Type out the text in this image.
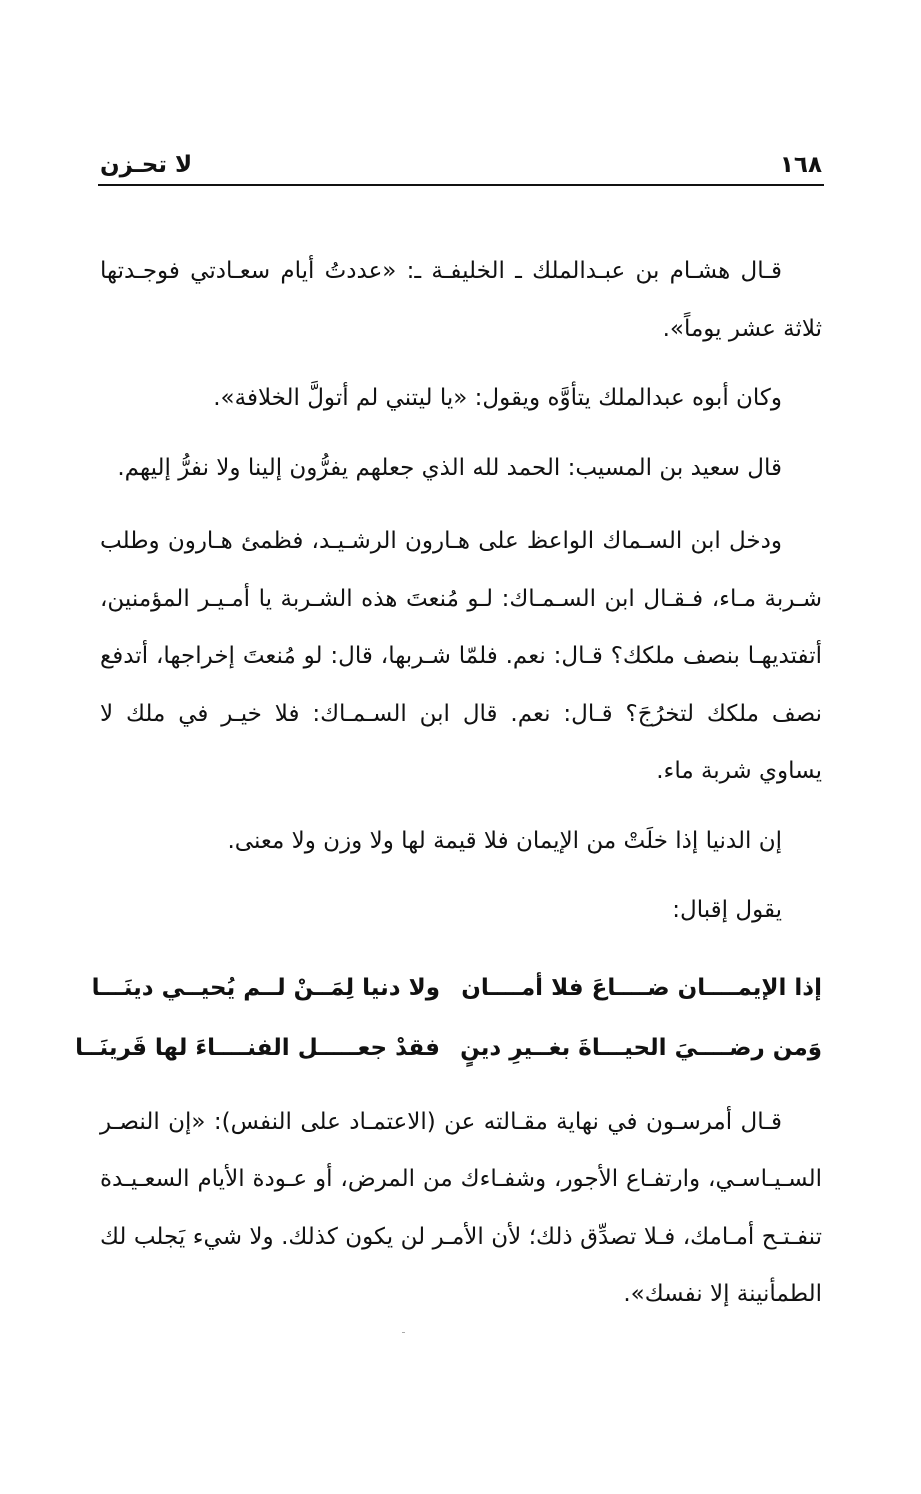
١٦٨
لا تحـزن

قـال هشـام بن عبـدالملك ـ الخليفـة ـ: «عددتُ أيام سعـادتي فوجـدتها ثلاثة عشر يوماً».

وكان أبوه عبدالملك يتأوَّه ويقول: «يا ليتني لم أتولَّ الخلافة».

قال سعيد بن المسيب: الحمد لله الذي جعلهم يفرُّون إلينا ولا نفرُّ إليهم.

ودخل ابن السـماك الواعظ على هـارون الرشـيـد، فظمئ هـارون وطلب شـربة مـاء، فـقـال ابن السـمـاك: لـو مُنعتَ هذه الشـربة يا أمـيـر المؤمنين، أتفتديهـا بنصف ملكك؟ قـال: نعم. فلمّا شـربها، قال: لو مُنعتَ إخراجها، أتدفع نصف ملكك لتخرُجَ؟ قـال: نعم. قال ابن السـمـاك: فلا خيـر في ملك لا يساوي شربة ماء.

إن الدنيا إذا خلَتْ من الإيمان فلا قيمة لها ولا وزن ولا معنى.

يقول إقبال:

إذا الإيمــــان ضــــاعَ فلا أمــــان
ولا دنيا لِمَــنْ لــم يُحيــي دينَـــا
وَمن رضــــيَ الحيـــاةَ بغــيرِ دينٍ
فقدْ جعـــــل الفنــــاءَ لها قَرينَــا

قـال أمرسـون في نهاية مقـالته عن (الاعتمـاد على النفس): «إن النصـر السـيـاسـي، وارتفـاع الأجور، وشفـاءك من المرض، أو عـودة الأيام السعـيـدة تنفـتـح أمـامك، فـلا تصدِّق ذلك؛ لأن الأمـر لن يكون كذلك. ولا شيء يَجلب لك الطمأنينة إلا نفسك».
